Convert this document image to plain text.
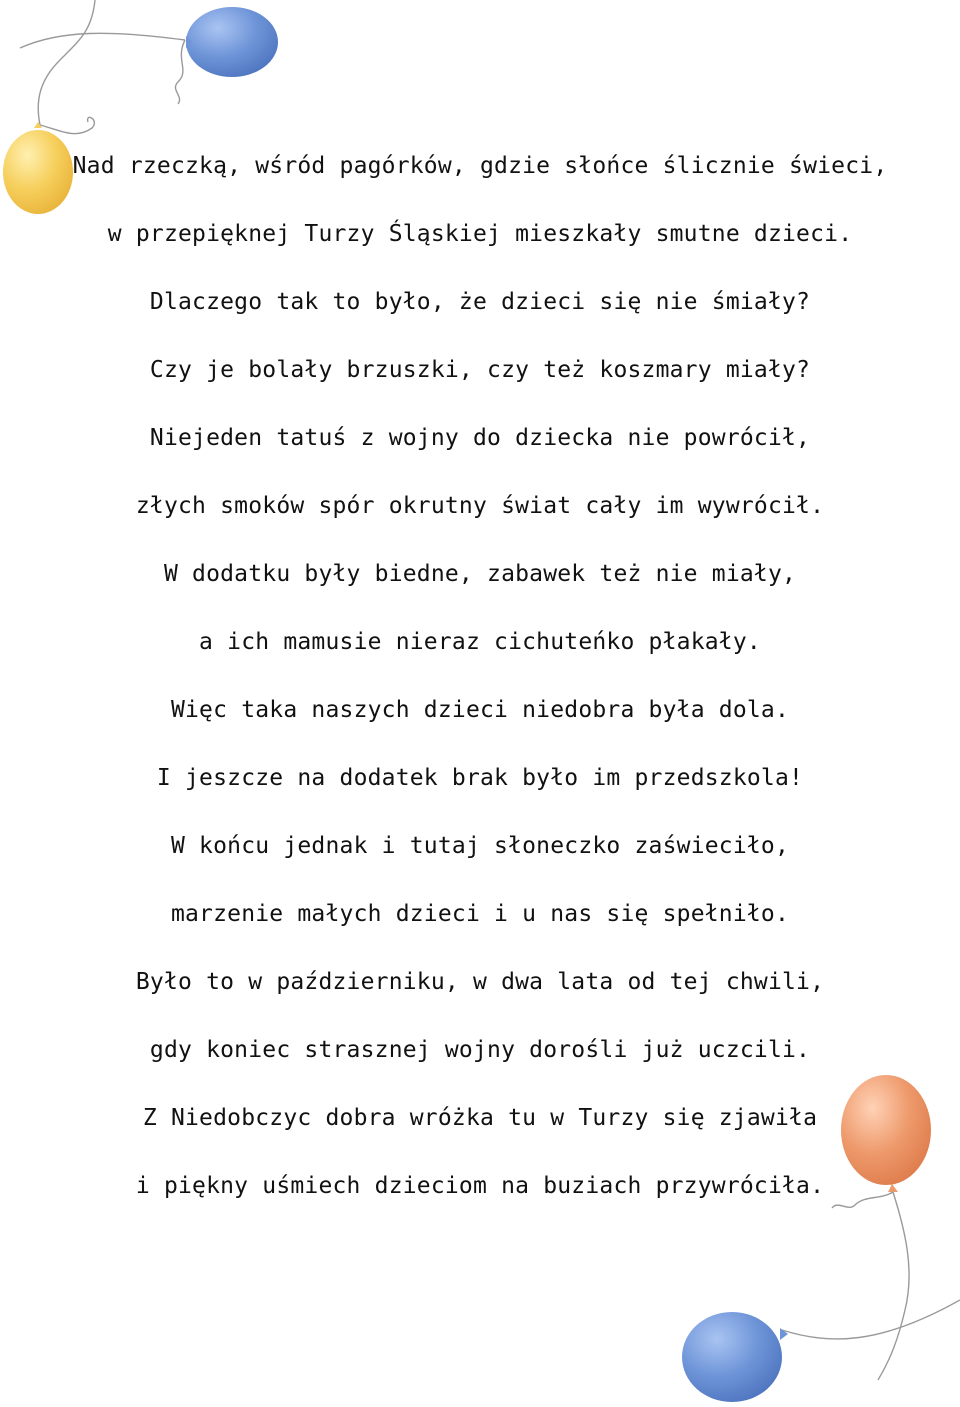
Nad rzeczką, wśród pagórków, gdzie słońce ślicznie świeci,
w przepięknej Turzy Śląskiej mieszkały smutne dzieci.
Dlaczego tak to było, że dzieci się nie śmiały?
Czy je bolały brzuszki, czy też koszmary miały?
Niejeden tatuś z wojny do dziecka nie powrócił,
złych smoków spór okrutny świat cały im wywrócił.
W dodatku były biedne, zabawek też nie miały,
a ich mamusie nieraz cichuteńko płakały.
Więc taka naszych dzieci niedobra była dola.
I jeszcze na dodatek brak było im przedszkola!
W końcu jednak i tutaj słoneczko zaświeciło,
marzenie małych dzieci i u nas się spełniło.
Było to w październiku, w dwa lata od tej chwili,
gdy koniec strasznej wojny dorośli już uczcili.
Z Niedobczyc dobra wróżka tu w Turzy się zjawiła
i piękny uśmiech dzieciom na buziach przywróciła.
